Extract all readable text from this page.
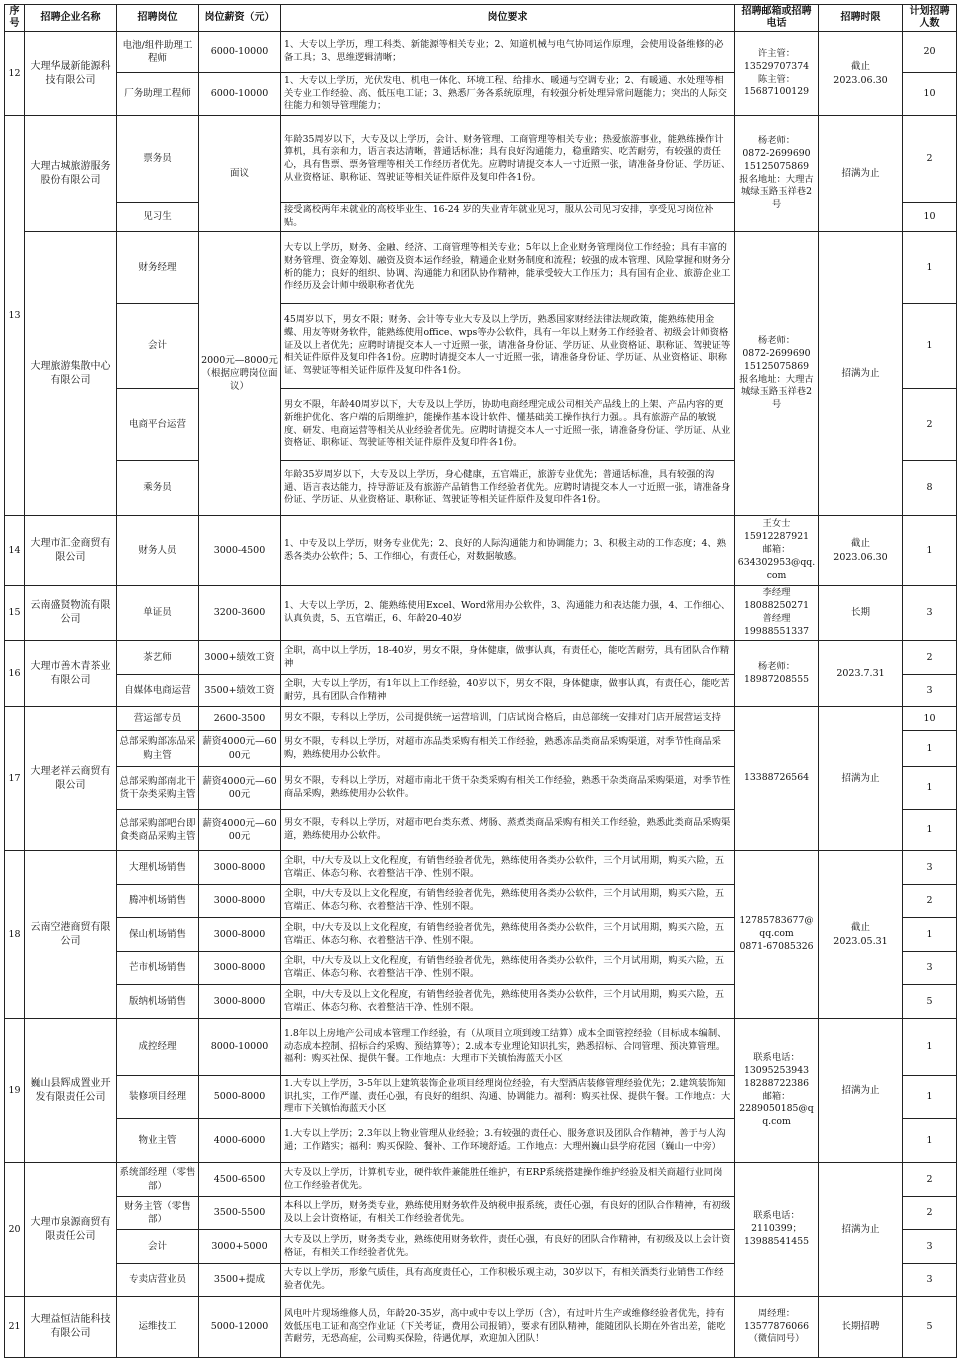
序号	招聘企业名称	招聘岗位	岗位薪资（元）	岗位要求	招聘邮箱或招聘电话	招聘时限	计划招聘人数
12	大理华晟新能源科技有限公司	电池/组件助理工程师	6000-10000	1、大专以上学历，理工科类、新能源等相关专业；2、知道机械与电气协同运作原理，会使用设备维修的必备工具；3、思维逻辑清晰；	许主管：
13529707374
陈主管：
15687100129	截止
2023.06.30	20
		厂务助理工程师	6000-10000	1、大专以上学历，光伏发电、机电一体化、环境工程、给排水、暖通与空调专业；2、有暖通、水处理等相关专业工作经验、高、低压电工证；3、熟悉厂务各系统原理，有较强分析处理异常问题能力；突出的人际交往能力和领导管理能力；			10
13	大理古城旅游服务股份有限公司	票务员	面议	年龄35周岁以下，大专及以上学历，会计、财务管理、工商管理等相关专业；热爱旅游事业，能熟练操作计算机，具有亲和力，语言表达清晰，普通话标准；具有良好沟通能力，稳重踏实、吃苦耐劳，有较强的责任心，具有售票、票务管理等相关工作经历者优先。应聘时请提交本人一寸近照一张，请准备身份证、学历证、从业资格证、职称证、驾驶证等相关证件原件及复印件各1份。	杨老师：
0872-2699690
15125075869
报名地址：大理古城绿玉路玉祥巷2号	招满为止	2
		见习生		接受离校两年未就业的高校毕业生、16-24 岁的失业青年就业见习，服从公司见习安排，享受见习岗位补贴。			10
	大理旅游集散中心有限公司	财务经理	2000元—8000元（根据应聘岗位面议）	大专以上学历，财务、金融、经济、工商管理等相关专业；5年以上企业财务管理岗位工作经验；具有丰富的财务管理、资金筹划、融资及资本运作经验，精通企业财务制度和流程；较强的成本管理、风险掌握和财务分析的能力；良好的组织、协调、沟通能力和团队协作精神，能承受较大工作压力；具有国有企业、旅游企业工作经历及会计师中级职称者优先	杨老师：
0872-2699690
15125075869
报名地址：大理古城绿玉路玉祥巷2号	招满为止	1
		会计		45周岁以下，男女不限；财务、会计等专业大专及以上学历，熟悉国家财经法律法规政策，能熟练使用金蝶、用友等财务软件，能熟练使用office、wps等办公软件，具有一年以上财务工作经验者、初级会计师资格证及以上者优先；应聘时请提交本人一寸近照一张，请准备身份证、学历证、从业资格证、职称证、驾驶证等相关证件原件及复印件各1份。应聘时请提交本人一寸近照一张，请准备身份证、学历证、从业资格证、职称证、驾驶证等相关证件原件及复印件各1份。			1
		电商平台运营		男女不限，年龄40周岁以下，大专及以上学历，协助电商经理完成公司相关产品线上的上架、产品内容的更新维护优化、客户端的后期维护，能操作基本设计软件、懂基础美工操作执行力强。。具有旅游产品的敏锐度、研发、电商运营等相关从业经验者优先。应聘时请提交本人一寸近照一张，请准备身份证、学历证、从业资格证、职称证、驾驶证等相关证件原件及复印件各1份。			2
		乘务员		年龄35岁周岁以下，大专及以上学历，身心健康，五官端正，旅游专业优先；普通话标准，具有较强的沟通、语言表达能力，持导游证及有旅游产品销售工作经验者优先。应聘时请提交本人一寸近照一张，请准备身份证、学历证、从业资格证、职称证、驾驶证等相关证件原件及复印件各1份。			8
14	大理市汇金商贸有限公司	财务人员	3000-4500	1、中专及以上学历，财务专业优先；2、良好的人际沟通能力和协调能力；3、积极主动的工作态度；4、熟悉各类办公软件；5、工作细心，有责任心，对数据敏感。	王女士
15912287921
邮箱：
634302953@qq.com	截止
2023.06.30	1
15	云南盛贤物流有限公司	单证员	3200-3600	1、大专以上学历，2、能熟练使用Excel、Word常用办公软件，3、沟通能力和表达能力强，4、工作细心、认真负责，5、五官端正，6、年龄20-40岁	李经理
18088250271
普经理
19988551337	长期	3
16	大理市善木青茶业有限公司	茶艺师	3000+绩效工资	全职，高中以上学历，18-40岁，男女不限，身体健康，做事认真，有责任心，能吃苦耐劳，具有团队合作精神	杨老师：
18987208555	2023.7.31	2
		自媒体电商运营	3500+绩效工资	全职，大专以上学历，有1年以上工作经验，40岁以下，男女不限，身体健康，做事认真，有责任心，能吃苦耐劳，具有团队合作精神			3
17	大理老祥云商贸有限公司	营运部专员	2600-3500	男女不限，专科以上学历，公司提供统一运营培训，门店试岗合格后，由总部统一安排对门店开展营运支持	13388726564	招满为止	10
		总部采购部冻品采购主管	薪资4000元—6000元	男女不限，专科以上学历，对超市冻品类采购有相关工作经验，熟悉冻品类商品采购渠道，对季节性商品采购，熟练使用办公软件。			1
		总部采购部南北干货干杂类采购主管	薪资4000元—6000元	男女不限，专科以上学历，对超市南北干货干杂类采购有相关工作经验，熟悉干杂类商品采购渠道，对季节性商品采购，熟练使用办公软件。			1
		总部采购部吧台即食类商品采购主管	薪资4000元—6000元	男女不限，专科以上学历，对超市吧台类东煮、烤肠、蒸煮类商品采购有相关工作经验，熟悉此类商品采购渠道，熟练使用办公软件。			1
18	云南空港商贸有限公司	大理机场销售	3000-8000	全职，中/大专及以上文化程度，有销售经验者优先，熟练使用各类办公软件，三个月试用期，购买六险，五官端正、体态匀称、衣着整洁干净、性别不限。	12785783677@qq.com
0871-67085326	截止
2023.05.31	3
		腾冲机场销售	3000-8000	全职，中/大专及以上文化程度，有销售经验者优先，熟练使用各类办公软件，三个月试用期，购买六险，五官端正、体态匀称、衣着整洁干净、性别不限。			2
		保山机场销售	3000-8000	全职，中/大专及以上文化程度，有销售经验者优先，熟练使用各类办公软件，三个月试用期，购买六险，五官端正、体态匀称、衣着整洁干净、性别不限。			1
		芒市机场销售	3000-8000	全职，中/大专及以上文化程度，有销售经验者优先，熟练使用各类办公软件，三个月试用期，购买六险，五官端正、体态匀称、衣着整洁干净、性别不限。			3
		版纳机场销售	3000-8000	全职，中/大专及以上文化程度，有销售经验者优先，熟练使用各类办公软件，三个月试用期，购买六险，五官端正、体态匀称、衣着整洁干净、性别不限。			5
19	巍山县辉成置业开发有限责任公司	成控经理	8000-10000	1.8年以上房地产公司成本管理工作经验，有（从项目立项到竣工结算）成本全面管控经验（目标成本编制、动态成本控制、招标合约采购、预结算等）；2.成本专业理论知识扎实，熟悉招标、合同管理、预决算管理。福利：购买社保、提供午餐。工作地点：大理市下关镇怡海蓝天小区	联系电话：
13095253943
18288722386
邮箱：
2289050185@qq.com	招满为止	1
		装修项目经理	5000-8000	1.大专以上学历，3-5年以上建筑装饰企业项目经理岗位经验，有大型酒店装修管理经验优先；2.建筑装饰知识扎实，工作严谨、责任心强，有良好的组织、沟通、协调能力。福利：购买社保、提供午餐。工作地点：大理市下关镇怡海蓝天小区			1
		物业主管	4000-6000	1.大专以上学历；2.3年以上物业管理从业经验；3.有较强的责任心、服务意识及团队合作精神，善于与人沟通；工作踏实；福利：购买保险、餐补、工作环境舒适。工作地点：大理州巍山县学府花园（巍山一中旁）			1
20	大理市泉源商贸有限责任公司	系统部经理（零售部）	4500-6500	大专及以上学历，计算机专业，硬件软件兼能胜任维护，有ERP系统搭建操作维护经验及相关商超行业同岗位工作经验者优先。	联系电话：
2110399；
13988541455	招满为止	2
		财务主管（零售部）	3500-5500	本科以上学历，财务类专业，熟练使用财务软件及纳税申报系统，责任心强，有良好的团队合作精神，有初级及以上会计资格证，有相关工作经验者优先。			2
		会计	3000+5000	大专及以上学历，财务类专业，熟练使用财务软件，责任心强，有良好的团队合作精神，有初级及以上会计资格证，有相关工作经验者优先。			3
		专卖店营业员	3500+提成	大专以上学历，形象气质佳，具有高度责任心，工作积极乐观主动，30岁以下，有相关酒类行业销售工作经验者优先。			3
21	大理益恒洁能科技有限公司	运维技工	5000-12000	风电叶片现场维修人员，年龄20-35岁，高中或中专以上学历（含），有过叶片生产或维修经验者优先，持有效低压电工证和高空作业证（下关考证，费用公司报销），要求有团队精神，能随团队长期在外省出差，能吃苦耐劳，无恐高症，公司购买保险，待遇优厚，欢迎加入团队！	周经理：
13577876066
（微信同号）	长期招聘	5
